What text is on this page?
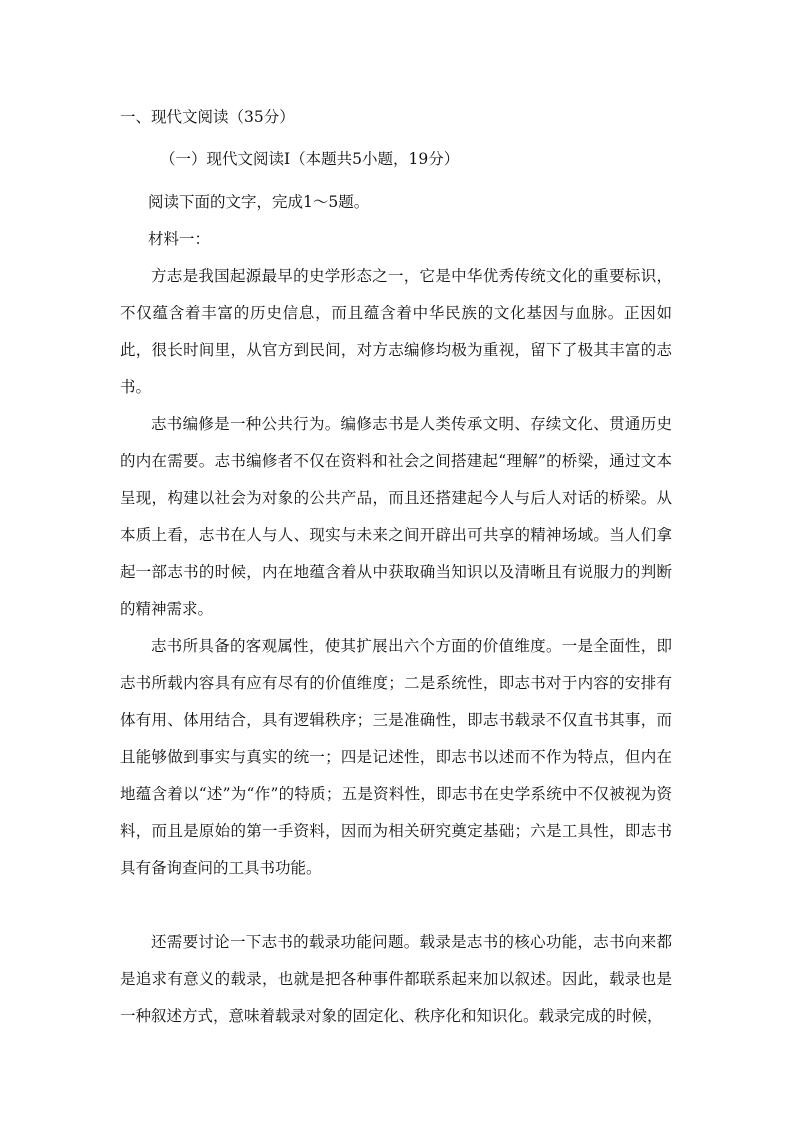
一、现代文阅读（35分）
（一）现代文阅读Ⅰ（本题共5小题，19分）
阅读下面的文字，完成1～5题。
材料一：
方志是我国起源最早的史学形态之一，它是中华优秀传统文化的重要标识，不仅蕴含着丰富的历史信息，而且蕴含着中华民族的文化基因与血脉。正因如此，很长时间里，从官方到民间，对方志编修均极为重视，留下了极其丰富的志书。
志书编修是一种公共行为。编修志书是人类传承文明、存续文化、贯通历史的内在需要。志书编修者不仅在资料和社会之间搭建起“理解”的桥梁，通过文本呈现，构建以社会为对象的公共产品，而且还搭建起今人与后人对话的桥梁。从本质上看，志书在人与人、现实与未来之间开辟出可共享的精神场域。当人们拿起一部志书的时候，内在地蕴含着从中获取确当知识以及清晰且有说服力的判断的精神需求。
志书所具备的客观属性，使其扩展出六个方面的价值维度。一是全面性，即志书所载内容具有应有尽有的价值维度；二是系统性，即志书对于内容的安排有体有用、体用结合，具有逻辑秩序；三是准确性，即志书载录不仅直书其事，而且能够做到事实与真实的统一；四是记述性，即志书以述而不作为特点，但内在地蕴含着以“述”为“作”的特质；五是资料性，即志书在史学系统中不仅被视为资料，而且是原始的第一手资料，因而为相关研究奠定基础；六是工具性，即志书具有备询查问的工具书功能。
还需要讨论一下志书的载录功能问题。载录是志书的核心功能，志书向来都是追求有意义的载录，也就是把各种事件都联系起来加以叙述。因此，载录也是一种叙述方式，意味着载录对象的固定化、秩序化和知识化。载录完成的时候，
